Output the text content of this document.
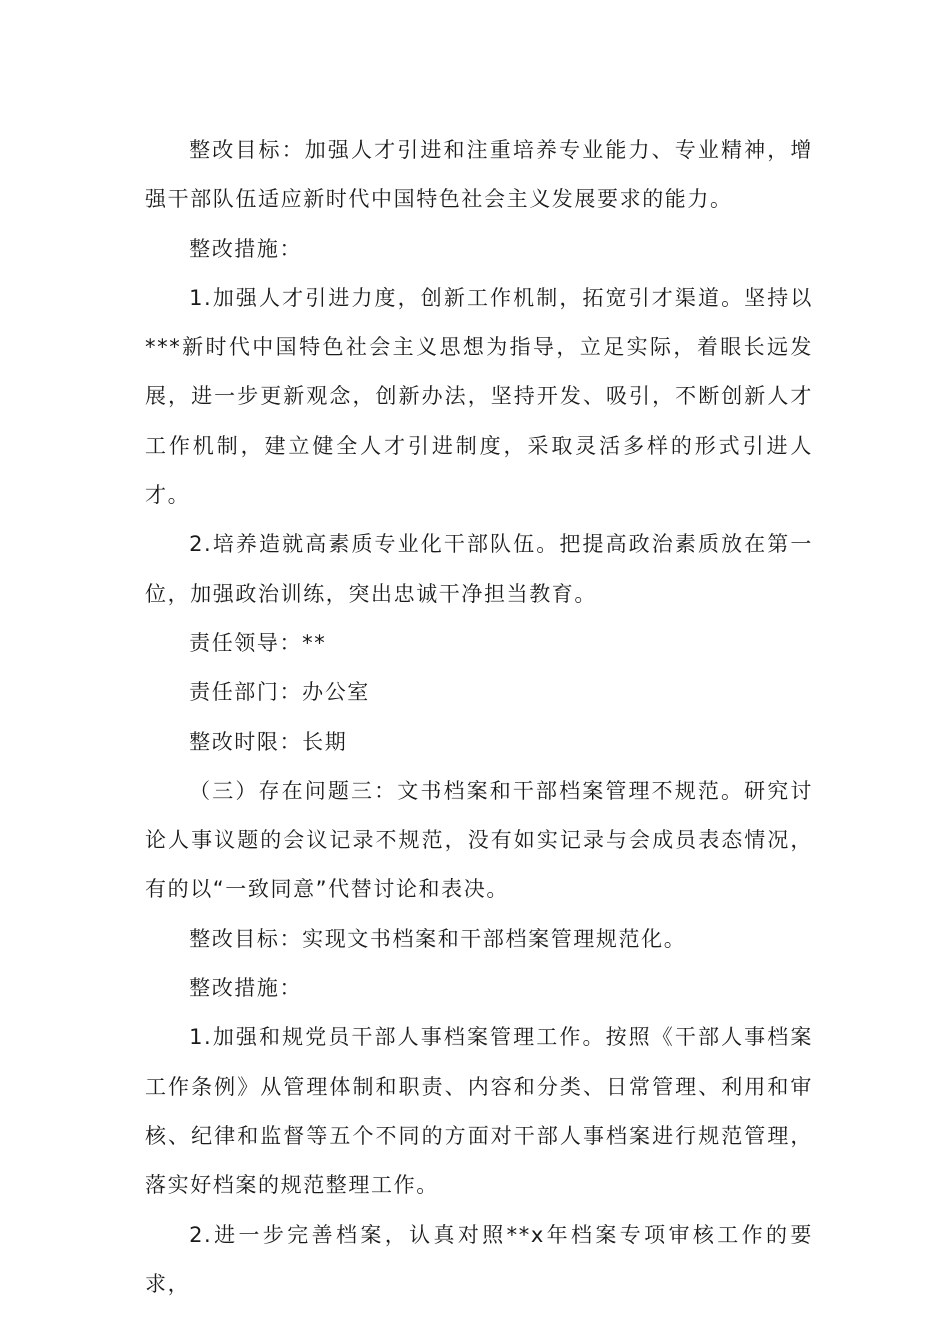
整改目标：加强人才引进和注重培养专业能力、专业精神，增强干部队伍适应新时代中国特色社会主义发展要求的能力。

整改措施：

1.加强人才引进力度，创新工作机制，拓宽引才渠道。坚持以***新时代中国特色社会主义思想为指导，立足实际，着眼长远发展，进一步更新观念，创新办法，坚持开发、吸引，不断创新人才工作机制，建立健全人才引进制度，采取灵活多样的形式引进人才。

2.培养造就高素质专业化干部队伍。把提高政治素质放在第一位，加强政治训练，突出忠诚干净担当教育。

责任领导：**

责任部门：办公室

整改时限：长期

（三）存在问题三：文书档案和干部档案管理不规范。研究讨论人事议题的会议记录不规范，没有如实记录与会成员表态情况，有的以“一致同意”代替讨论和表决。

整改目标：实现文书档案和干部档案管理规范化。

整改措施：

1.加强和规党员干部人事档案管理工作。按照《干部人事档案工作条例》从管理体制和职责、内容和分类、日常管理、利用和审核、纪律和监督等五个不同的方面对干部人事档案进行规范管理，落实好档案的规范整理工作。

2.进一步完善档案，认真对照**x年档案专项审核工作的要求，
